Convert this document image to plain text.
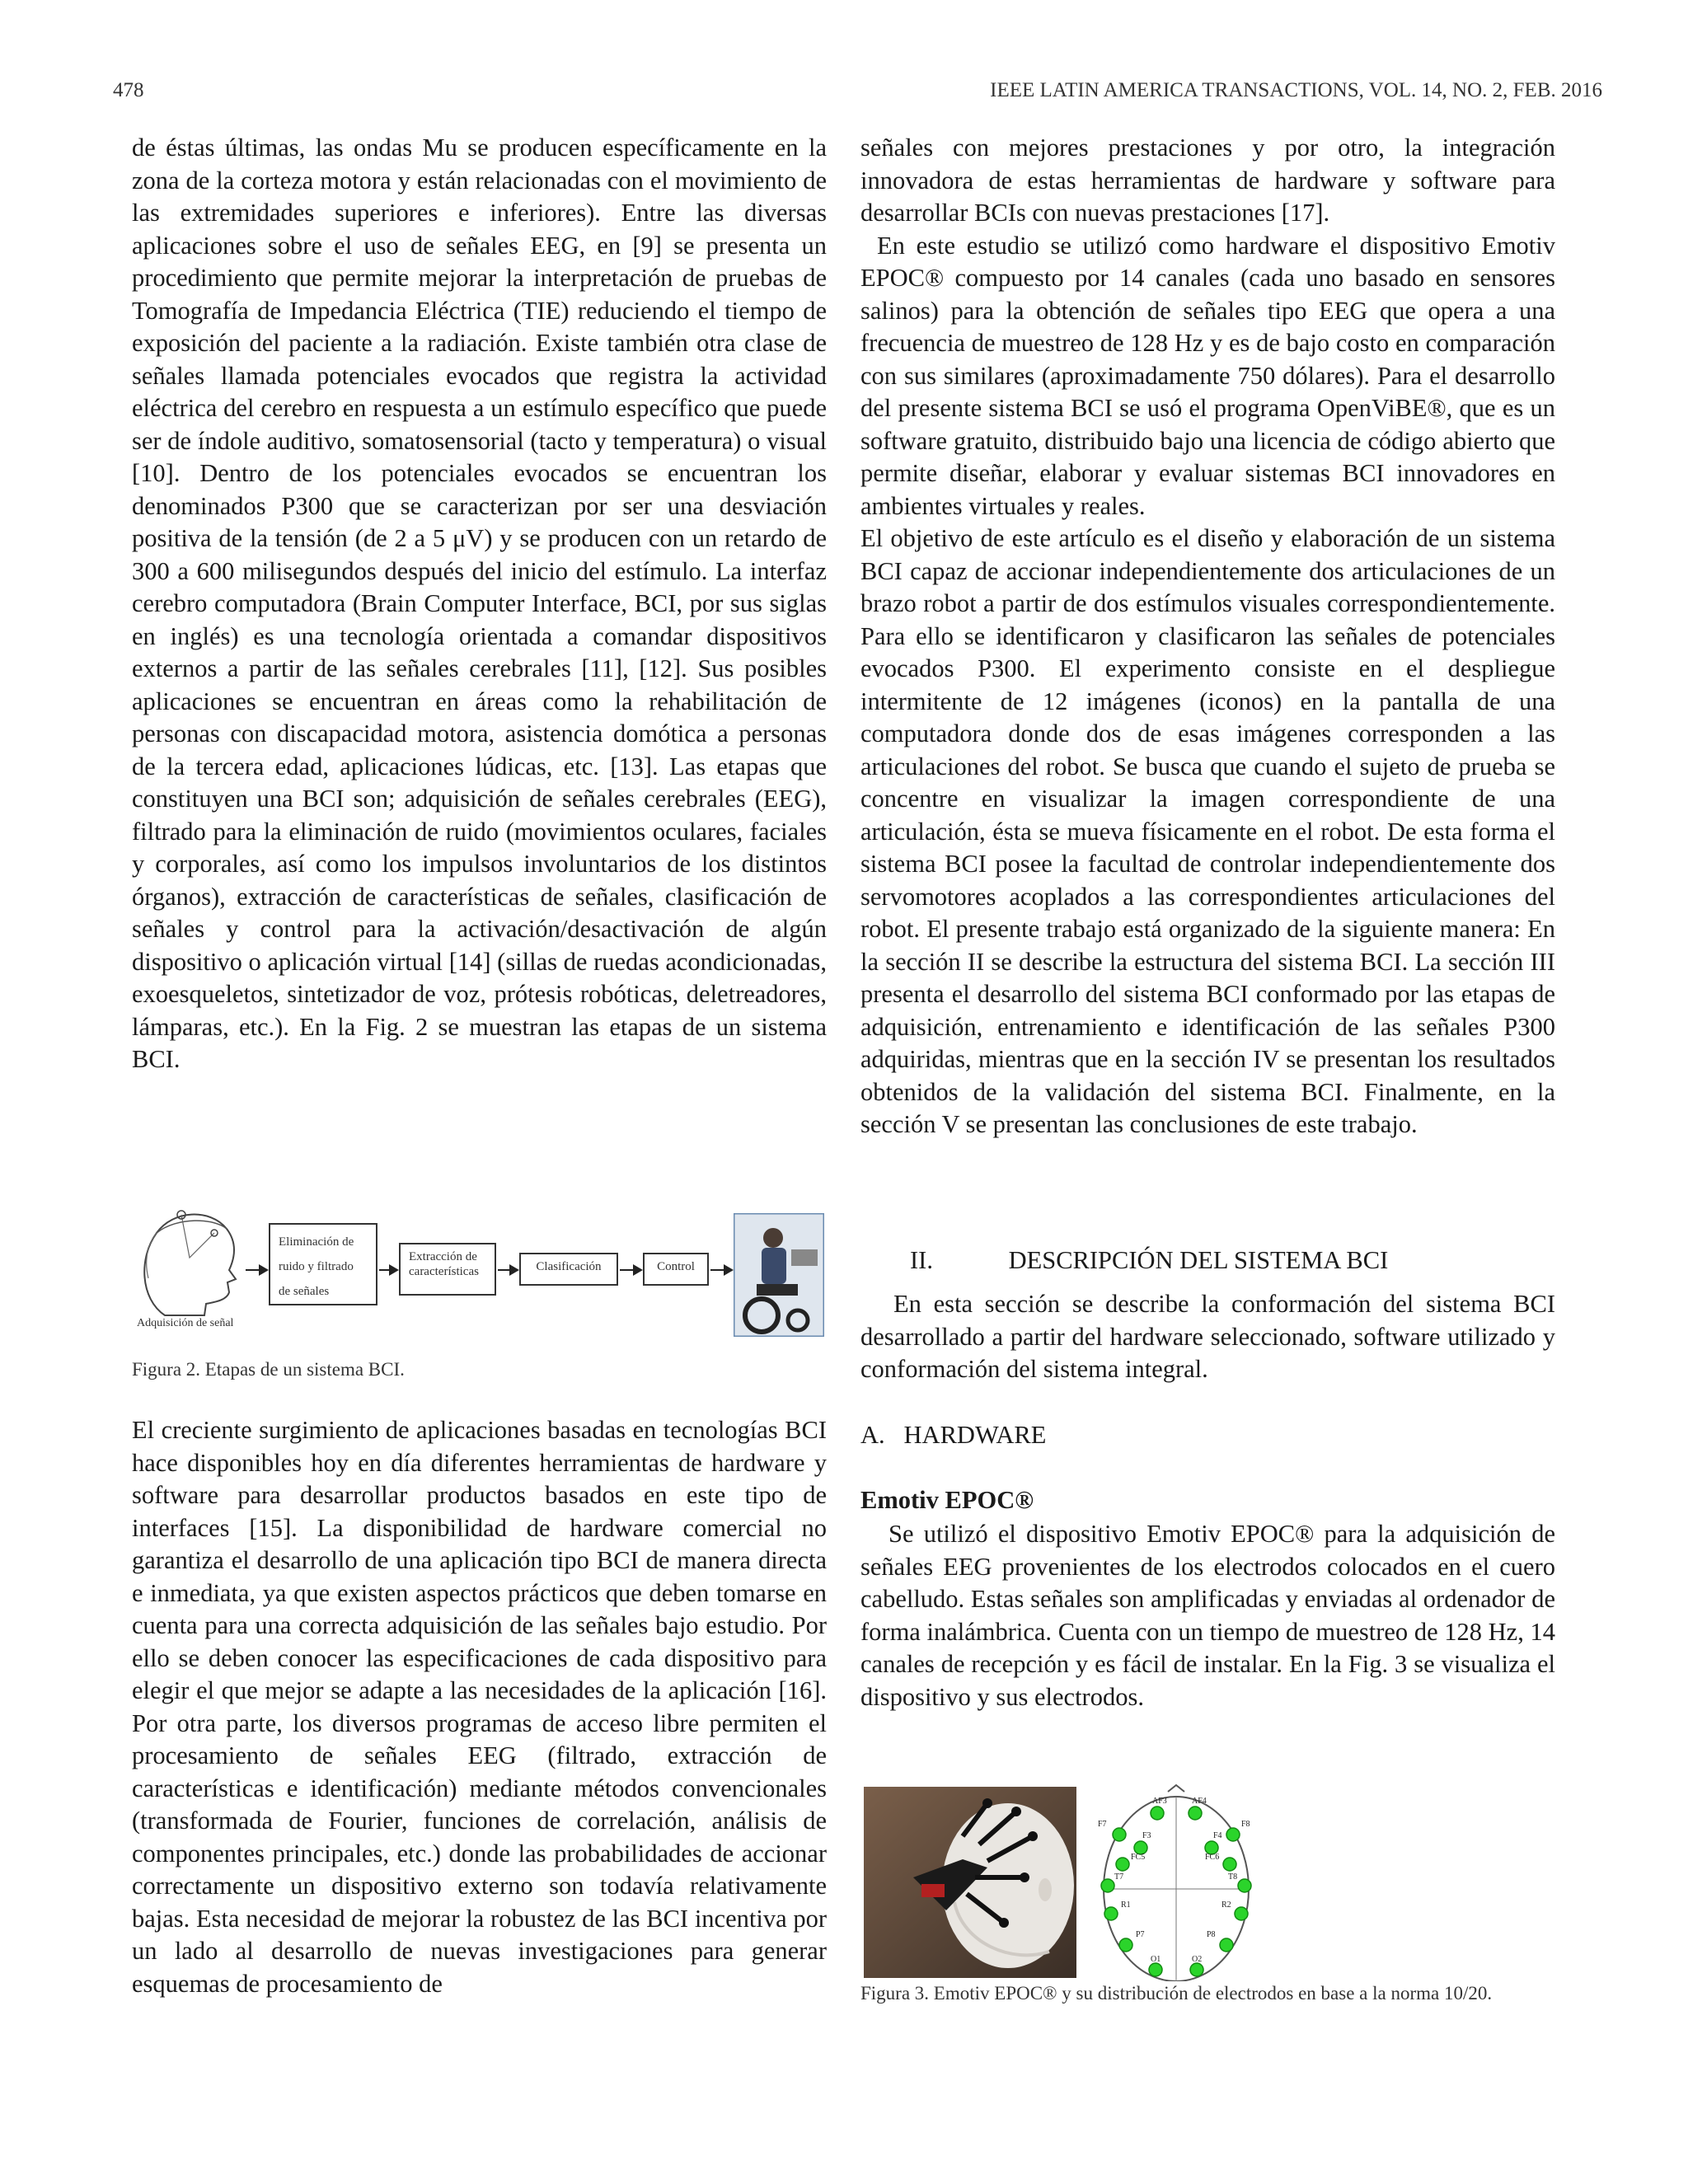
478	IEEE LATIN AMERICA TRANSACTIONS, VOL. 14, NO. 2, FEB. 2016

de éstas últimas, las ondas Mu se producen específicamente en la zona de la corteza motora y están relacionadas con el movimiento de las extremidades superiores e inferiores). Entre las diversas aplicaciones sobre el uso de señales EEG, en [9] se presenta un procedimiento que permite mejorar la interpretación de pruebas de Tomografía de Impedancia Eléctrica (TIE) reduciendo el tiempo de exposición del paciente a la radiación. Existe también otra clase de señales llamada potenciales evocados que registra la actividad eléctrica del cerebro en respuesta a un estímulo específico que puede ser de índole auditivo, somatosensorial (tacto y temperatura) o visual [10]. Dentro de los potenciales evocados se encuentran los denominados P300 que se caracterizan por ser una desviación positiva de la tensión (de 2 a 5 μV) y se producen con un retardo de 300 a 600 milisegundos después del inicio del estímulo. La interfaz cerebro computadora (Brain Computer Interface, BCI, por sus siglas en inglés) es una tecnología orientada a comandar dispositivos externos a partir de las señales cerebrales [11], [12]. Sus posibles aplicaciones se encuentran en áreas como la rehabilitación de personas con discapacidad motora, asistencia domótica a personas de la tercera edad, aplicaciones lúdicas, etc. [13]. Las etapas que constituyen una BCI son; adquisición de señales cerebrales (EEG), filtrado para la eliminación de ruido (movimientos oculares, faciales y corporales, así como los impulsos involuntarios de los distintos órganos), extracción de características de señales, clasificación de señales y control para la activación/desactivación de algún dispositivo o aplicación virtual [14] (sillas de ruedas acondicionadas, exoesqueletos, sintetizador de voz, prótesis robóticas, deletreadores, lámparas, etc.). En la Fig. 2 se muestran las etapas de un sistema BCI.

Adquisición de señal
Eliminación de ruido y filtrado de señales
Extracción de características	Clasificación	Control
Figura 2. Etapas de un sistema BCI.

El creciente surgimiento de aplicaciones basadas en tecnologías BCI hace disponibles hoy en día diferentes herramientas de hardware y software para desarrollar productos basados en este tipo de interfaces [15]. La disponibilidad de hardware comercial no garantiza el desarrollo de una aplicación tipo BCI de manera directa e inmediata, ya que existen aspectos prácticos que deben tomarse en cuenta para una correcta adquisición de las señales bajo estudio. Por ello se deben conocer las especificaciones de cada dispositivo para elegir el que mejor se adapte a las necesidades de la aplicación [16]. Por otra parte, los diversos programas de acceso libre permiten el procesamiento de señales EEG (filtrado, extracción de características e identificación) mediante métodos convencionales (transformada de Fourier, funciones de correlación, análisis de componentes principales, etc.) donde las probabilidades de accionar correctamente un dispositivo externo son todavía relativamente bajas. Esta necesidad de mejorar la robustez de las BCI incentiva por un lado al desarrollo de nuevas investigaciones para generar esquemas de procesamiento de

señales con mejores prestaciones y por otro, la integración innovadora de estas herramientas de hardware y software para desarrollar BCIs con nuevas prestaciones [17].

En este estudio se utilizó como hardware el dispositivo Emotiv EPOC® compuesto por 14 canales (cada uno basado en sensores salinos) para la obtención de señales tipo EEG que opera a una frecuencia de muestreo de 128 Hz y es de bajo costo en comparación con sus similares (aproximadamente 750 dólares). Para el desarrollo del presente sistema BCI se usó el programa OpenViBE®, que es un software gratuito, distribuido bajo una licencia de código abierto que permite diseñar, elaborar y evaluar sistemas BCI innovadores en ambientes virtuales y reales.

El objetivo de este artículo es el diseño y elaboración de un sistema BCI capaz de accionar independientemente dos articulaciones de un brazo robot a partir de dos estímulos visuales correspondientemente. Para ello se identificaron y clasificaron las señales de potenciales evocados P300. El experimento consiste en el despliegue intermitente de 12 imágenes (iconos) en la pantalla de una computadora donde dos de esas imágenes corresponden a las articulaciones del robot. Se busca que cuando el sujeto de prueba se concentre en visualizar la imagen correspondiente de una articulación, ésta se mueva físicamente en el robot. De esta forma el sistema BCI posee la facultad de controlar independientemente dos servomotores acoplados a las correspondientes articulaciones del robot. El presente trabajo está organizado de la siguiente manera: En la sección II se describe la estructura del sistema BCI. La sección III presenta el desarrollo del sistema BCI conformado por las etapas de adquisición, entrenamiento e identificación de las señales P300 adquiridas, mientras que en la sección IV se presentan los resultados obtenidos de la validación del sistema BCI. Finalmente, en la sección V se presentan las conclusiones de este trabajo.

II.	DESCRIPCIÓN DEL SISTEMA BCI

En esta sección se describe la conformación del sistema BCI desarrollado a partir del hardware seleccionado, software utilizado y conformación del sistema integral.

A.   HARDWARE
Emotiv EPOC®

Se utilizó el dispositivo Emotiv EPOC® para la adquisición de señales EEG provenientes de los electrodos colocados en el cuero cabelludo. Estas señales son amplificadas y enviadas al ordenador de forma inalámbrica. Cuenta con un tiempo de muestreo de 128 Hz, 14 canales de recepción y es fácil de instalar. En la Fig. 3 se visualiza el dispositivo y sus electrodos.

AF3	AF4
F7	F8
F3	F4
FC5	FC6
T7	T8
R1	R2
P7	P8
O1	O2
Figura 3. Emotiv EPOC® y su distribución de electrodos en base a la norma 10/20.
